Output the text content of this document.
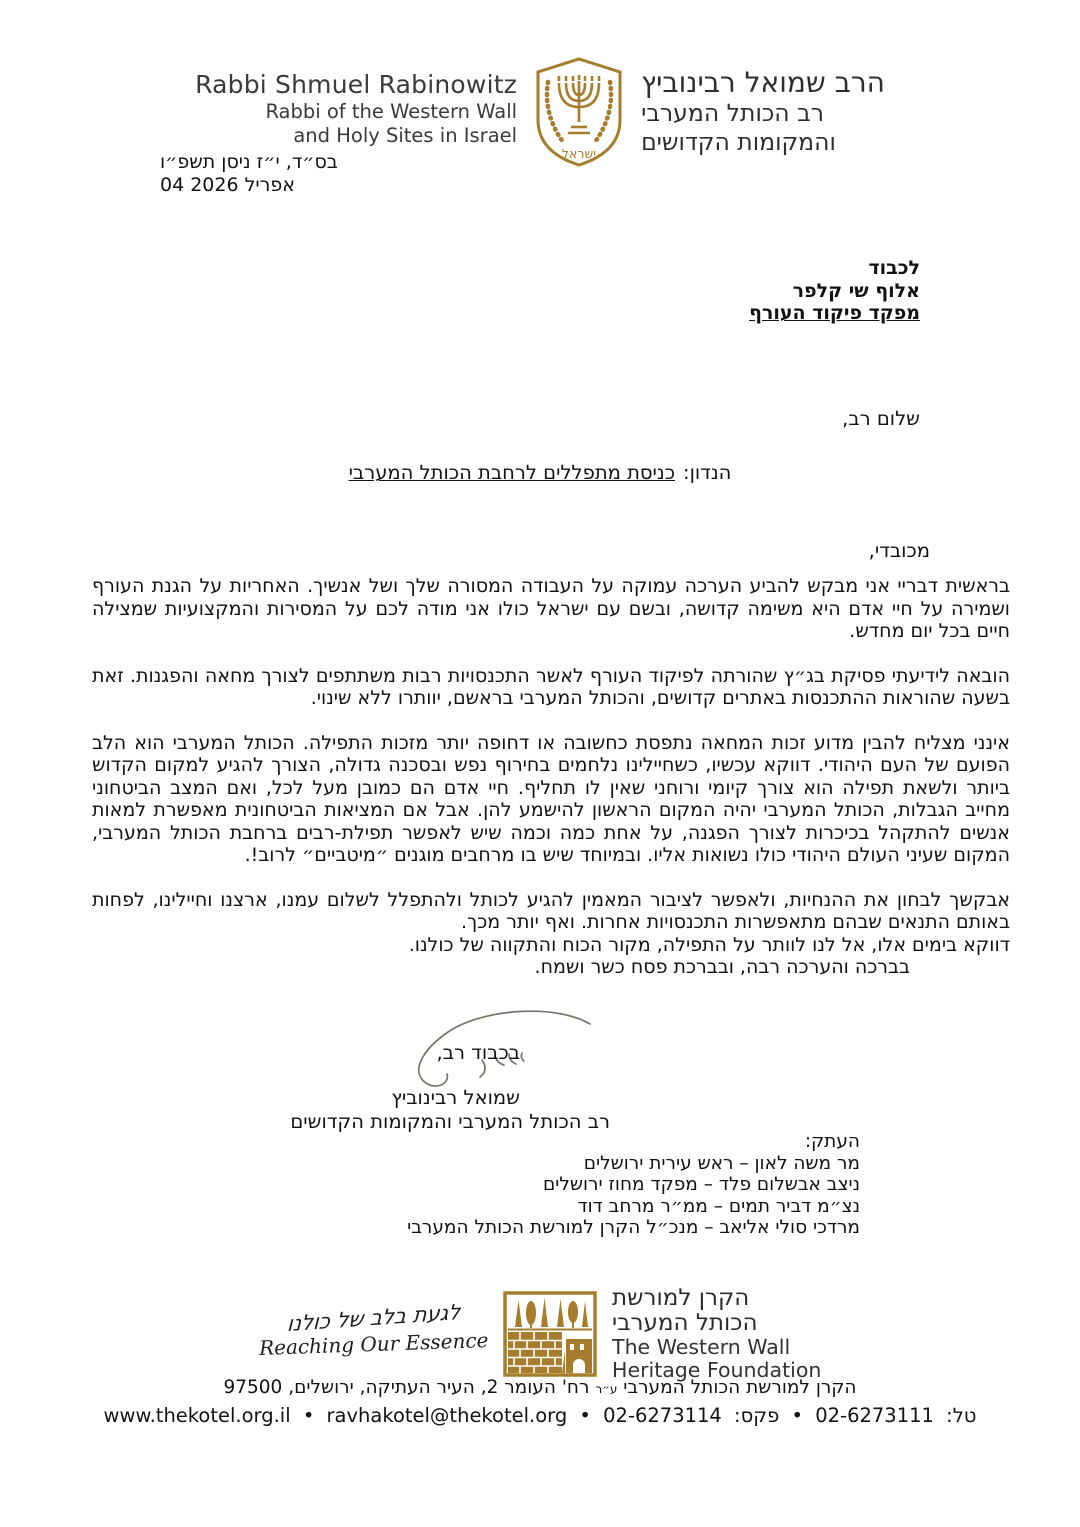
Rabbi Shmuel Rabinowitz
Rabbi of the Western Wall
and Holy Sites in Israel
ישראל
הרב שמואל רבינוביץ
רב הכותל המערבי
והמקומות הקדושים
בס״ד, י״ז ניסן תשפ״ו
04 אפריל 2026
לכבוד
אלוף שי קלפר
מפקד פיקוד העורף
שלום רב,
הנדון:כניסת מתפללים לרחבת הכותל המערבי
מכובדי,

בראשית דבריי אני מבקש להביע הערכה עמוקה על העבודה המסורה שלך ושל אנשיך. האחריות על הגנת העורף ושמירה על חיי אדם היא משימה קדושה, ובשם עם ישראל כולו אני מודה לכם על המסירות והמקצועיות שמצילה חיים בכל יום מחדש.

הובאה לידיעתי פסיקת בג״ץ שהורתה לפיקוד העורף לאשר התכנסויות רבות משתתפים לצורך מחאה והפגנות. זאת בשעה שהוראות ההתכנסות באתרים קדושים, והכותל המערבי בראשם, יוותרו ללא שינוי.

אינני מצליח להבין מדוע זכות המחאה נתפסת כחשובה או דחופה יותר מזכות התפילה. הכותל המערבי הוא הלב הפועם של העם היהודי. דווקא עכשיו, כשחיילינו נלחמים בחירוף נפש ובסכנה גדולה, הצורך להגיע למקום הקדוש ביותר ולשאת תפילה הוא צורך קיומי ורוחני שאין לו תחליף. חיי אדם הם כמובן מעל לכל, ואם המצב הביטחוני מחייב הגבלות, הכותל המערבי יהיה המקום הראשון להישמע להן. אבל אם המציאות הביטחונית מאפשרת למאות אנשים להתקהל בכיכרות לצורך הפגנה, על אחת כמה וכמה שיש לאפשר תפילת-רבים ברחבת הכותל המערבי, המקום שעיני העולם היהודי כולו נשואות אליו. ובמיוחד שיש בו מרחבים מוגנים ״מיטביים״ לרוב!.

אבקשך לבחון את ההנחיות, ולאפשר לציבור המאמין להגיע לכותל ולהתפלל לשלום עמנו, ארצנו וחיילינו, לפחות באותם התנאים שבהם מתאפשרות התכנסויות אחרות. ואף יותר מכך.

דווקא בימים אלו, אל לנו לוותר על התפילה, מקור הכוח והתקווה של כולנו.
בברכה והערכה רבה, ובברכת פסח כשר ושמח.
בכבוד רב,
שמואל רבינוביץ
רב הכותל המערבי והמקומות הקדושים
העתק:
מר משה לאון – ראש עירית ירושלים
ניצב אבשלום פלד – מפקד מחוז ירושלים
נצ״מ דביר תמים – ממ״ר מרחב דוד
מרדכי סולי אליאב – מנכ״ל הקרן למורשת הכותל המערבי
לגעת בלב של כולנו
Reaching Our Essence
הקרן למורשת
הכותל המערבי
The Western Wall
Heritage Foundation
הקרן למורשת הכותל המערבי ע״ר רח' העומר 2, העיר העתיקה, ירושלים, 97500
טל: 02-6273111 • פקס: 02-6273114 • ravhakotel@thekotel.org • www.thekotel.org.il
